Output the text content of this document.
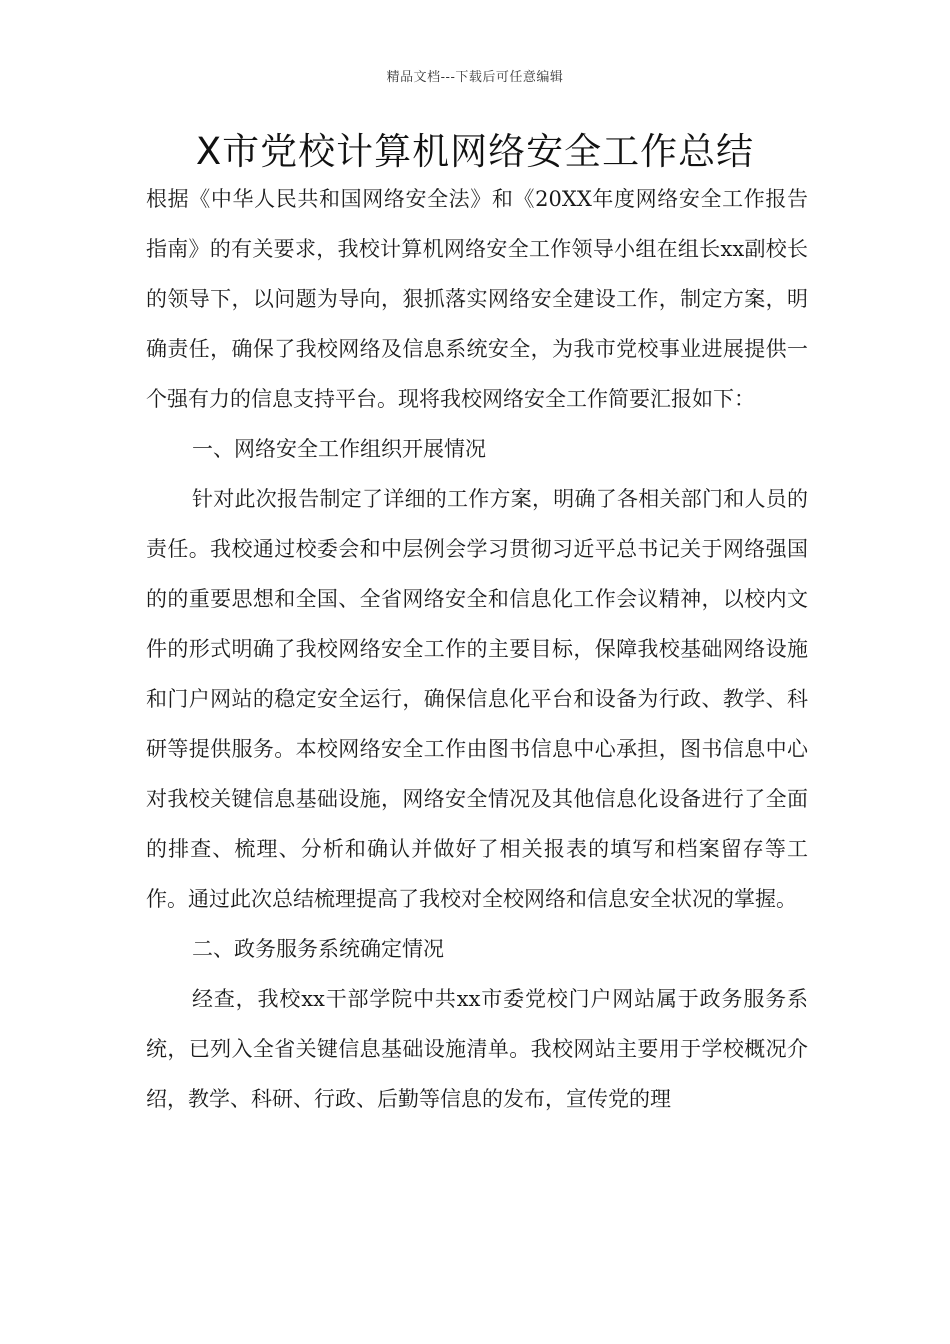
精品文档---下载后可任意编辑
X市党校计算机网络安全工作总结

根据《中华人民共和国网络安全法》和《20XX年度网络安全工作报告指南》的有关要求，我校计算机网络安全工作领导小组在组长xx副校长的领导下，以问题为导向，狠抓落实网络安全建设工作，制定方案，明确责任，确保了我校网络及信息系统安全，为我市党校事业进展提供一个强有力的信息支持平台。现将我校网络安全工作简要汇报如下：

一、网络安全工作组织开展情况

针对此次报告制定了详细的工作方案，明确了各相关部门和人员的责任。我校通过校委会和中层例会学习贯彻习近平总书记关于网络强国的的重要思想和全国、全省网络安全和信息化工作会议精神，以校内文件的形式明确了我校网络安全工作的主要目标，保障我校基础网络设施和门户网站的稳定安全运行，确保信息化平台和设备为行政、教学、科研等提供服务。本校网络安全工作由图书信息中心承担，图书信息中心对我校关键信息基础设施，网络安全情况及其他信息化设备进行了全面的排查、梳理、分析和确认并做好了相关报表的填写和档案留存等工作。通过此次总结梳理提高了我校对全校网络和信息安全状况的掌握。

二、政务服务系统确定情况

经查，我校xx干部学院中共xx市委党校门户网站属于政务服务系统，已列入全省关键信息基础设施清单。我校网站主要用于学校概况介绍，教学、科研、行政、后勤等信息的发布，宣传党的理
